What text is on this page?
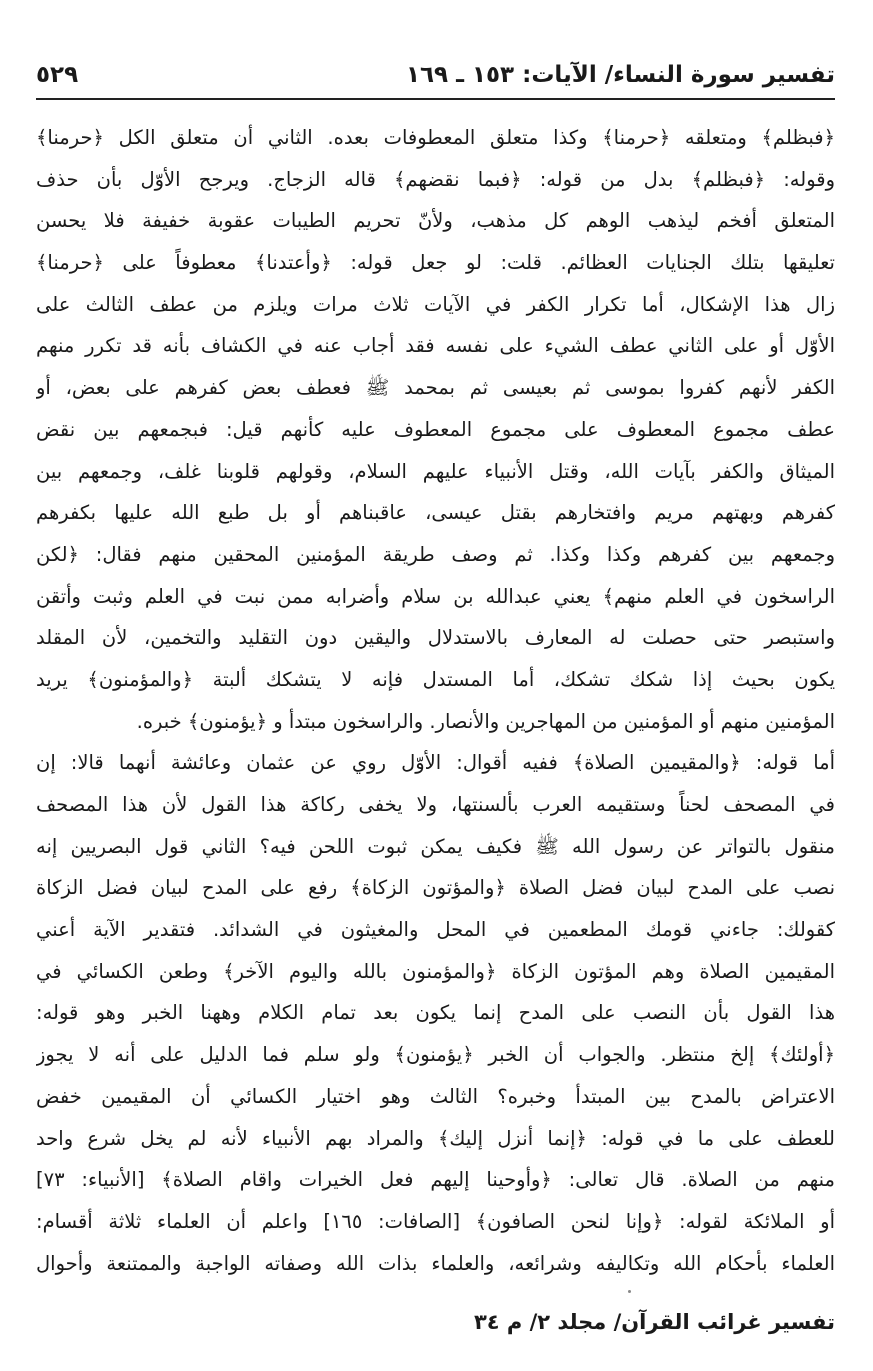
تفسير سورة النساء/ الآيات: ١٥٣ ـ ١٦٩
٥٢٩
﴿فبظلم﴾ ومتعلقه ﴿حرمنا﴾ وكذا متعلق المعطوفات بعده. الثاني أن متعلق الكل ﴿حرمنا﴾
وقوله: ﴿فبظلم﴾ بدل من قوله: ﴿فبما نقضهم﴾ قاله الزجاج. ويرجح الأوّل بأن حذف
المتعلق أفخم ليذهب الوهم كل مذهب، ولأنّ تحريم الطيبات عقوبة خفيفة فلا يحسن
تعليقها بتلك الجنايات العظائم. قلت: لو جعل قوله: ﴿وأعتدنا﴾ معطوفاً على ﴿حرمنا﴾
زال هذا الإشكال، أما تكرار الكفر في الآيات ثلاث مرات ويلزم من عطف الثالث على
الأوّل أو على الثاني عطف الشيء على نفسه فقد أجاب عنه في الكشاف بأنه قد تكرر منهم
الكفر لأنهم كفروا بموسى ثم بعيسى ثم بمحمد ﷺ فعطف بعض كفرهم على بعض، أو
عطف مجموع المعطوف على مجموع المعطوف عليه كأنهم قيل: فبجمعهم بين نقض
الميثاق والكفر بآيات الله، وقتل الأنبياء عليهم السلام، وقولهم قلوبنا غلف، وجمعهم بين
كفرهم وبهتهم مريم وافتخارهم بقتل عيسى، عاقبناهم أو بل طبع الله عليها بكفرهم
وجمعهم بين كفرهم وكذا وكذا. ثم وصف طريقة المؤمنين المحقين منهم فقال: ﴿لكن
الراسخون في العلم منهم﴾ يعني عبدالله بن سلام وأضرابه ممن نبت في العلم وثبت وأتقن
واستبصر حتى حصلت له المعارف بالاستدلال واليقين دون التقليد والتخمين، لأن المقلد
يكون بحيث إذا شكك تشكك، أما المستدل فإنه لا يتشكك ألبتة ﴿والمؤمنون﴾ يريد
المؤمنين منهم أو المؤمنين من المهاجرين والأنصار. والراسخون مبتدأ و ﴿يؤمنون﴾ خبره.
أما قوله: ﴿والمقيمين الصلاة﴾ ففيه أقوال: الأوّل روي عن عثمان وعائشة أنهما قالا: إن
في المصحف لحناً وستقيمه العرب بألسنتها، ولا يخفى ركاكة هذا القول لأن هذا المصحف
منقول بالتواتر عن رسول الله ﷺ فكيف يمكن ثبوت اللحن فيه؟ الثاني قول البصريين إنه
نصب على المدح لبيان فضل الصلاة ﴿والمؤتون الزكاة﴾ رفع على المدح لبيان فضل الزكاة
كقولك: جاءني قومك المطعمين في المحل والمغيثون في الشدائد. فتقدير الآية أعني
المقيمين الصلاة وهم المؤتون الزكاة ﴿والمؤمنون بالله واليوم الآخر﴾ وطعن الكسائي في
هذا القول بأن النصب على المدح إنما يكون بعد تمام الكلام وههنا الخبر وهو قوله:
﴿أولئك﴾ إلخ منتظر. والجواب أن الخبر ﴿يؤمنون﴾ ولو سلم فما الدليل على أنه لا يجوز
الاعتراض بالمدح بين المبتدأ وخبره؟ الثالث وهو اختيار الكسائي أن المقيمين خفض
للعطف على ما في قوله: ﴿إنما أنزل إليك﴾ والمراد بهم الأنبياء لأنه لم يخل شرع واحد
منهم من الصلاة. قال تعالى: ﴿وأوحينا إليهم فعل الخيرات واقام الصلاة﴾ [الأنبياء: ٧٣]
أو الملائكة لقوله: ﴿وإنا لنحن الصافون﴾ [الصافات: ١٦٥] واعلم أن العلماء ثلاثة أقسام:
العلماء بأحكام الله وتكاليفه وشرائعه، والعلماء بذات الله وصفاته الواجبة والممتنعة وأحوال
تفسير غرائب القرآن/ مجلد ٢/ م ٣٤
